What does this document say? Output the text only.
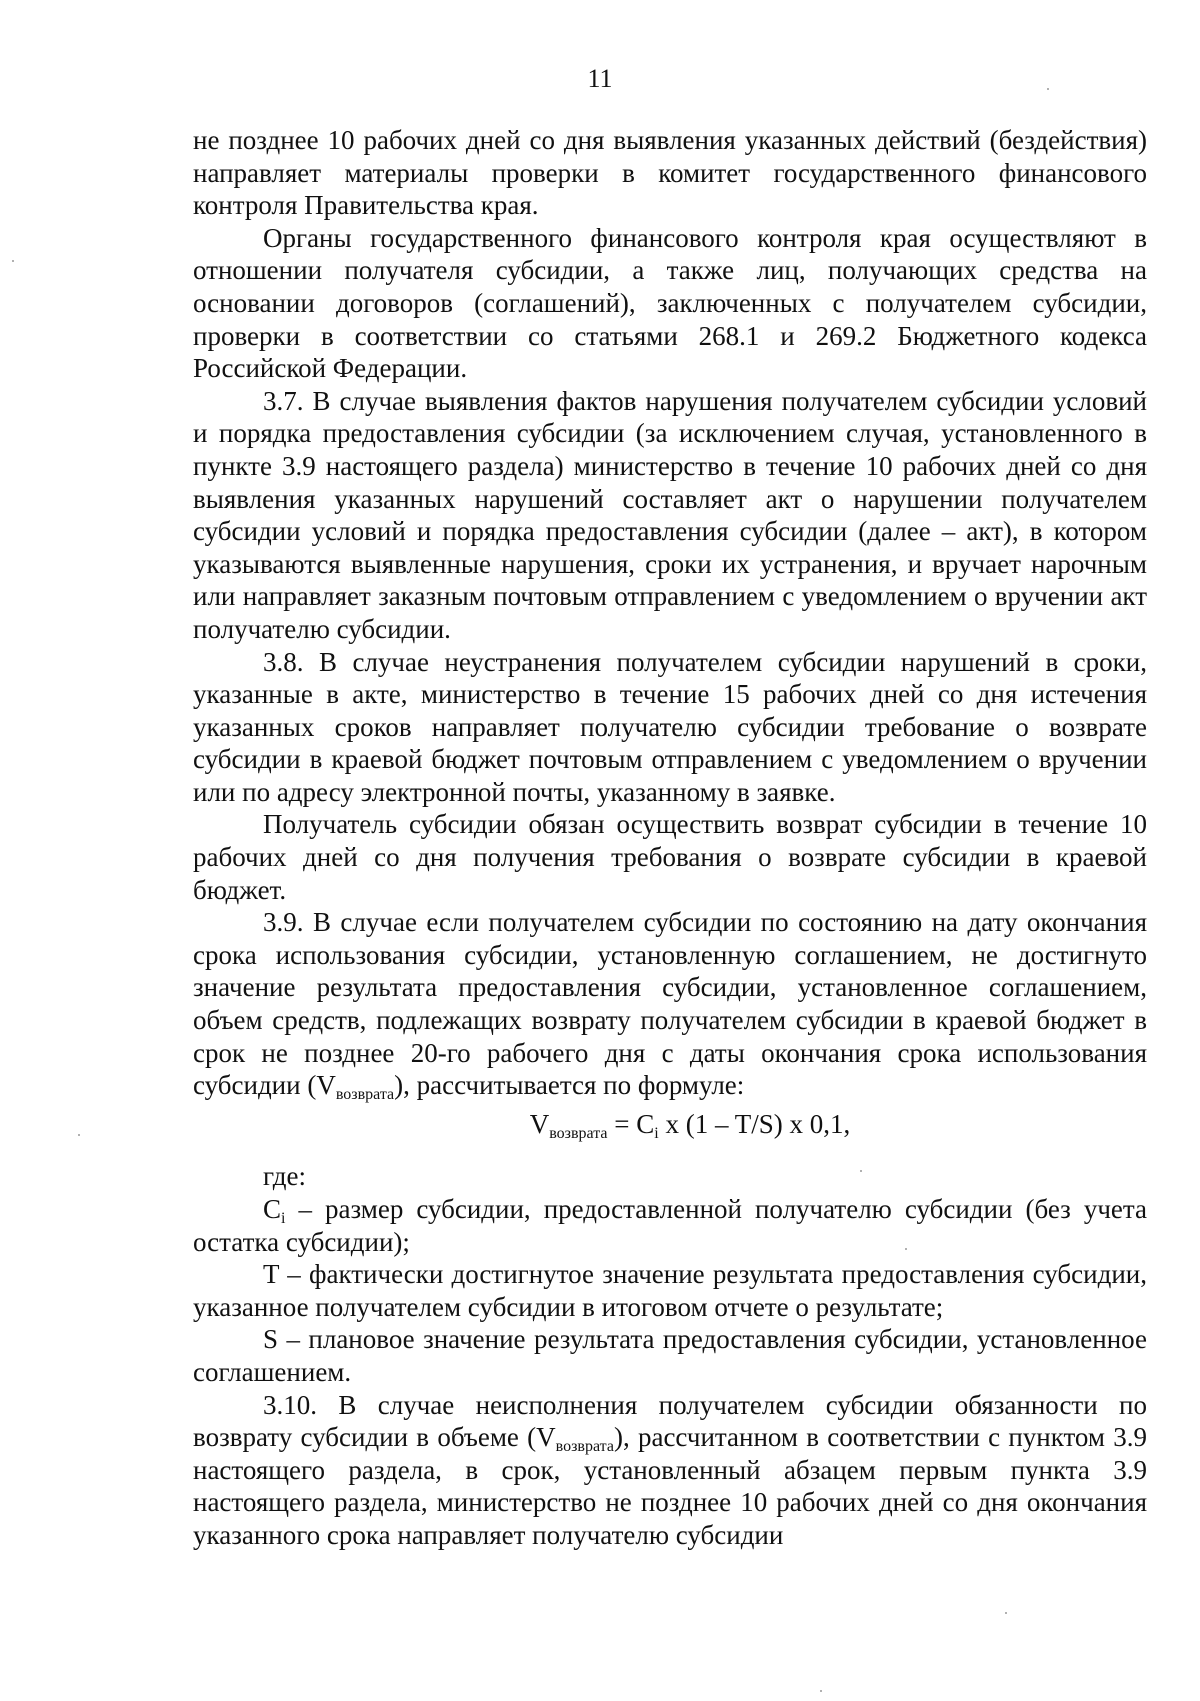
11

не позднее 10 рабочих дней со дня выявления указанных действий (бездействия) направляет материалы проверки в комитет государственного финансового контроля Правительства края.

Органы государственного финансового контроля края осуществляют в отношении получателя субсидии, а также лиц, получающих средства на основании договоров (соглашений), заключенных с получателем субсидии, проверки в соответствии со статьями 268.1 и 269.2 Бюджетного кодекса Российской Федерации.

3.7. В случае выявления фактов нарушения получателем субсидии условий и порядка предоставления субсидии (за исключением случая, установленного в пункте 3.9 настоящего раздела) министерство в течение 10 рабочих дней со дня выявления указанных нарушений составляет акт о нарушении получателем субсидии условий и порядка предоставления субсидии (далее – акт), в котором указываются выявленные нарушения, сроки их устранения, и вручает нарочным или направляет заказным почтовым отправлением с уведомлением о вручении акт получателю субсидии.

3.8. В случае неустранения получателем субсидии нарушений в сроки, указанные в акте, министерство в течение 15 рабочих дней со дня истечения указанных сроков направляет получателю субсидии требование о возврате субсидии в краевой бюджет почтовым отправлением с уведомлением о вручении или по адресу электронной почты, указанному в заявке.

Получатель субсидии обязан осуществить возврат субсидии в течение 10 рабочих дней со дня получения требования о возврате субсидии в краевой бюджет.

3.9. В случае если получателем субсидии по состоянию на дату окончания срока использования субсидии, установленную соглашением, не достигнуто значение результата предоставления субсидии, установленное соглашением, объем средств, подлежащих возврату получателем субсидии в краевой бюджет в срок не позднее 20-го рабочего дня с даты окончания срока использования субсидии $(V_{возврата})$, рассчитывается по формуле:

$V_{возврата} = C_i$ x (1 – T/S) x 0,1,

где:

$C_i$ – размер субсидии, предоставленной получателю субсидии (без учета остатка субсидии);

T – фактически достигнутое значение результата предоставления субсидии, указанное получателем субсидии в итоговом отчете о результате;

S – плановое значение результата предоставления субсидии, установленное соглашением.

3.10. В случае неисполнения получателем субсидии обязанности по возврату субсидии в объеме $(V_{возврата})$, рассчитанном в соответствии с пунктом 3.9 настоящего раздела, в срок, установленный абзацем первым пункта 3.9 настоящего раздела, министерство не позднее 10 рабочих дней со дня окончания указанного срока направляет получателю субсидии
